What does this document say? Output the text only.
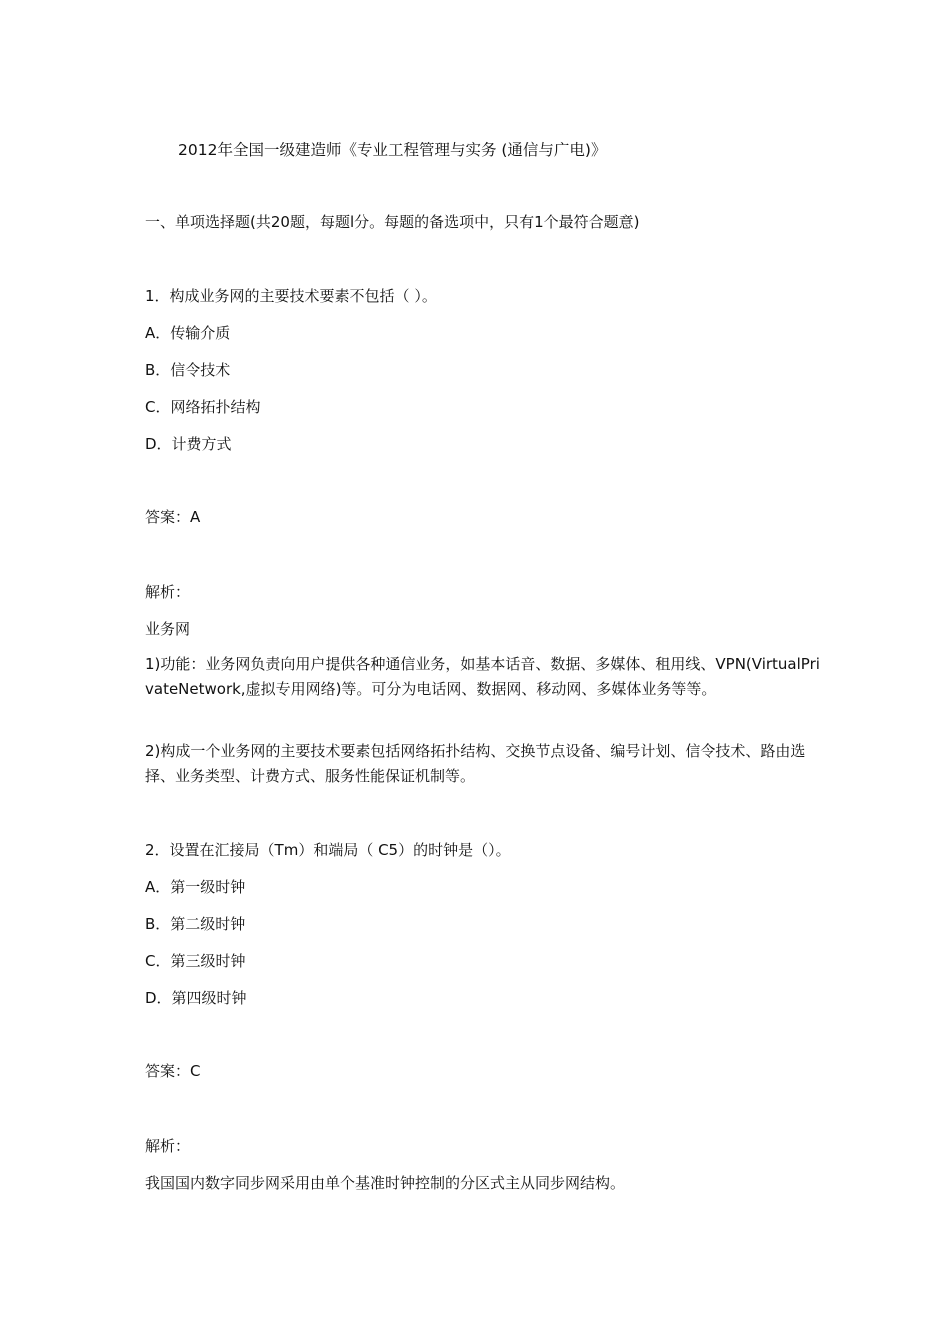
2012年全国一级建造师《专业工程管理与实务 (通信与广电)》
一、单项选择题(共20题，每题l分。每题的备选项中，只有1个最符合题意)
1．构成业务网的主要技术要素不包括（ ）。
A．传输介质
B．信令技术
C．网络拓扑结构
D．计费方式
答案：A
解析：
业务网
1)功能：业务网负责向用户提供各种通信业务，如基本话音、数据、多媒体、租用线、VPN(VirtualPrivateNetwork,虚拟专用网络)等。可分为电话网、数据网、移动网、多媒体业务等等。
2)构成一个业务网的主要技术要素包括网络拓扑结构、交换节点设备、编号计划、信令技术、路由选择、业务类型、计费方式、服务性能保证机制等。
2．设置在汇接局（Tm）和端局（ C5）的时钟是（）。
A．第一级时钟
B．第二级时钟
C．第三级时钟
D．第四级时钟
答案：C
解析：
我国国内数字同步网采用由单个基准时钟控制的分区式主从同步网结构。
